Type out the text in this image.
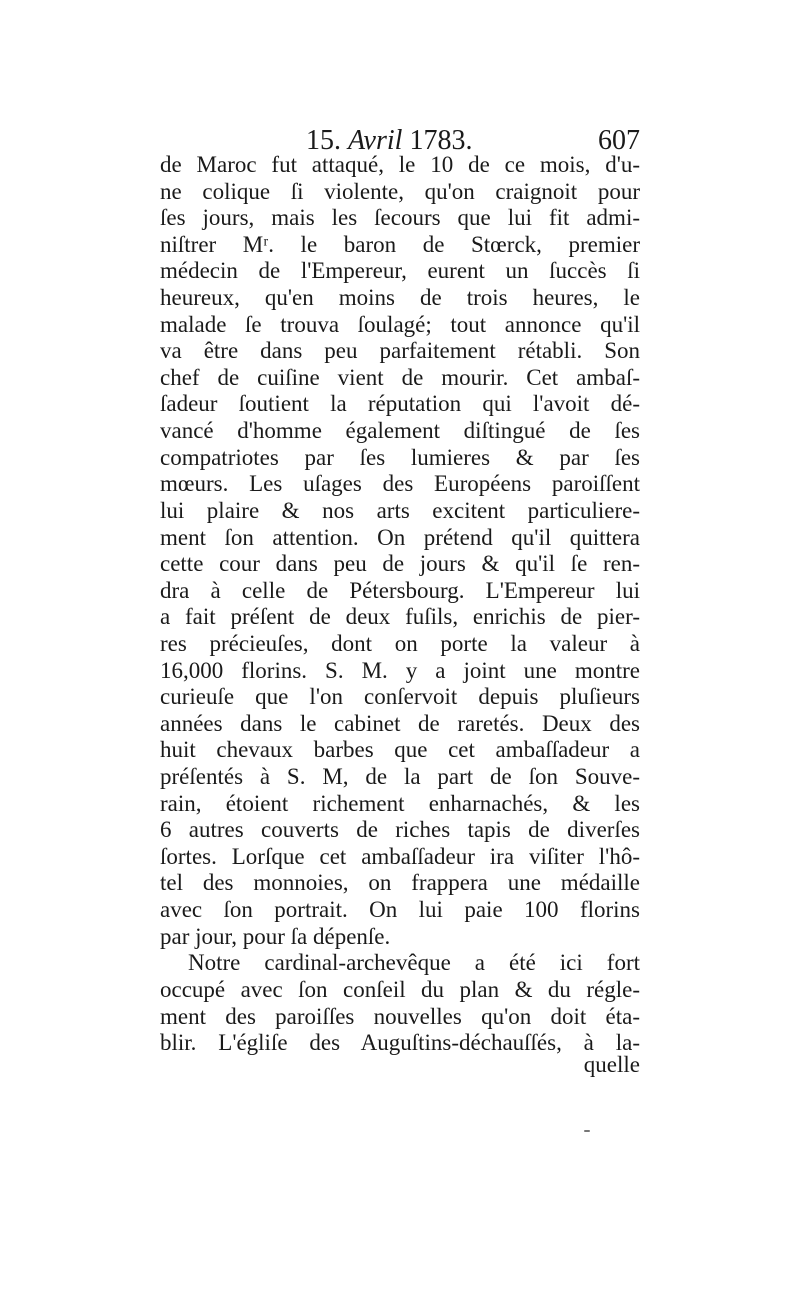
15. Avril 1783.	607
de Maroc fut attaqué, le 10 de ce mois, d'u-
ne colique ſi violente, qu'on craignoit pour
ſes jours, mais les ſecours que lui fit admi-
niſtrer Mʳ. le baron de Stœrck, premier
médecin de l'Empereur, eurent un ſuccès ſi
heureux, qu'en moins de trois heures, le
malade ſe trouva ſoulagé; tout annonce qu'il
va être dans peu parfaitement rétabli. Son
chef de cuiſine vient de mourir. Cet ambaſ-
ſadeur ſoutient la réputation qui l'avoit dé-
vancé d'homme également diſtingué de ſes
compatriotes par ſes lumieres & par ſes
mœurs. Les uſages des Européens paroiſſent
lui plaire & nos arts excitent particuliere-
ment ſon attention. On prétend qu'il quittera
cette cour dans peu de jours & qu'il ſe ren-
dra à celle de Pétersbourg. L'Empereur lui
a fait préſent de deux fuſils, enrichis de pier-
res précieuſes, dont on porte la valeur à
16,000 florins. S. M. y a joint une montre
curieuſe que l'on conſervoit depuis pluſieurs
années dans le cabinet de raretés. Deux des
huit chevaux barbes que cet ambaſſadeur a
préſentés à S. M, de la part de ſon Souve-
rain, étoient richement enharnachés, & les
6 autres couverts de riches tapis de diverſes
ſortes. Lorſque cet ambaſſadeur ira viſiter l'hô-
tel des monnoies, on frappera une médaille
avec ſon portrait. On lui paie 100 florins
par jour, pour ſa dépenſe.
Notre cardinal-archevêque a été ici fort
occupé avec ſon conſeil du plan & du régle-
ment des paroiſſes nouvelles qu'on doit éta-
blir. L'égliſe des Auguſtins-déchauſſés, à la-
quelle
